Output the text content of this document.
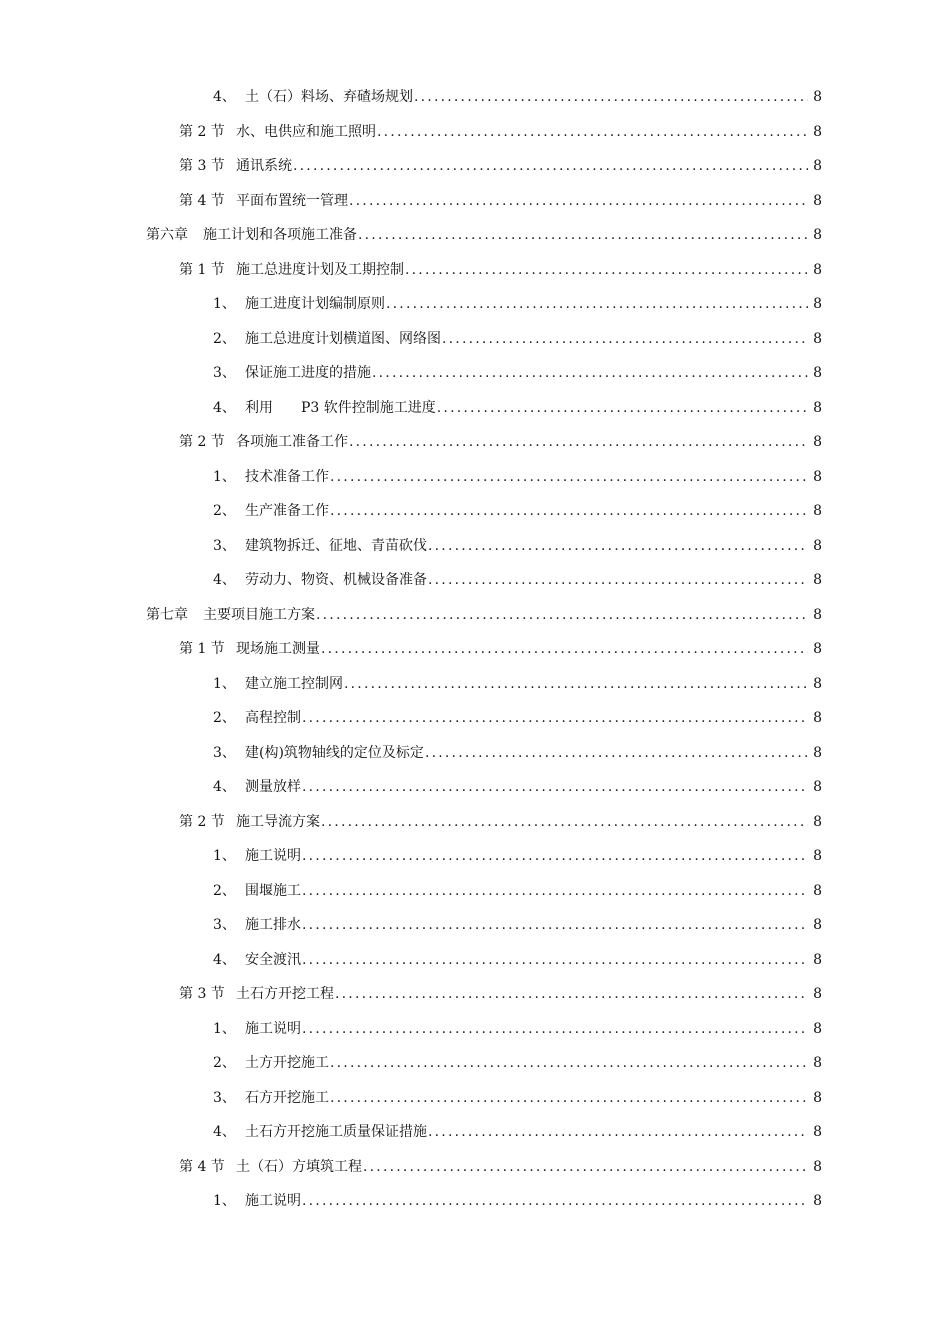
4、 土（石）料场、弃碴场规划 .....	8
第 2 节 水、电供应和施工照明 .....	8
第 3 节 通讯系统 .....	8
第 4 节 平面布置统一管理 .....	8
第六章	施工计划和各项施工准备 .....	8
第 1 节 施工总进度计划及工期控制 .....	8
1、 施工进度计划编制原则 .....	8
2、 施工总进度计划横道图、网络图 .....	8
3、 保证施工进度的措施 .....	8
4、 利用　　P3 软件控制施工进度 .....	8
第 2 节 各项施工准备工作 .....	8
1、 技术准备工作 .....	8
2、 生产准备工作 .....	8
3、 建筑物拆迁、征地、青苗砍伐 .....	8
4、 劳动力、物资、机械设备准备 .....	8
第七章	主要项目施工方案 .....	8
第 1 节 现场施工测量 .....	8
1、 建立施工控制网 .....	8
2、 高程控制 .....	8
3、 建(构)筑物轴线的定位及标定 .....	8
4、 测量放样 .....	8
第 2 节 施工导流方案 .....	8
1、 施工说明 .....	8
2、 围堰施工 .....	8
3、 施工排水 .....	8
4、 安全渡汛 .....	8
第 3 节 土石方开挖工程 .....	8
1、 施工说明 .....	8
2、 土方开挖施工 .....	8
3、 石方开挖施工 .....	8
4、 土石方开挖施工质量保证措施 .....	8
第 4 节 土（石）方填筑工程 .....	8
1、 施工说明 .....	8
